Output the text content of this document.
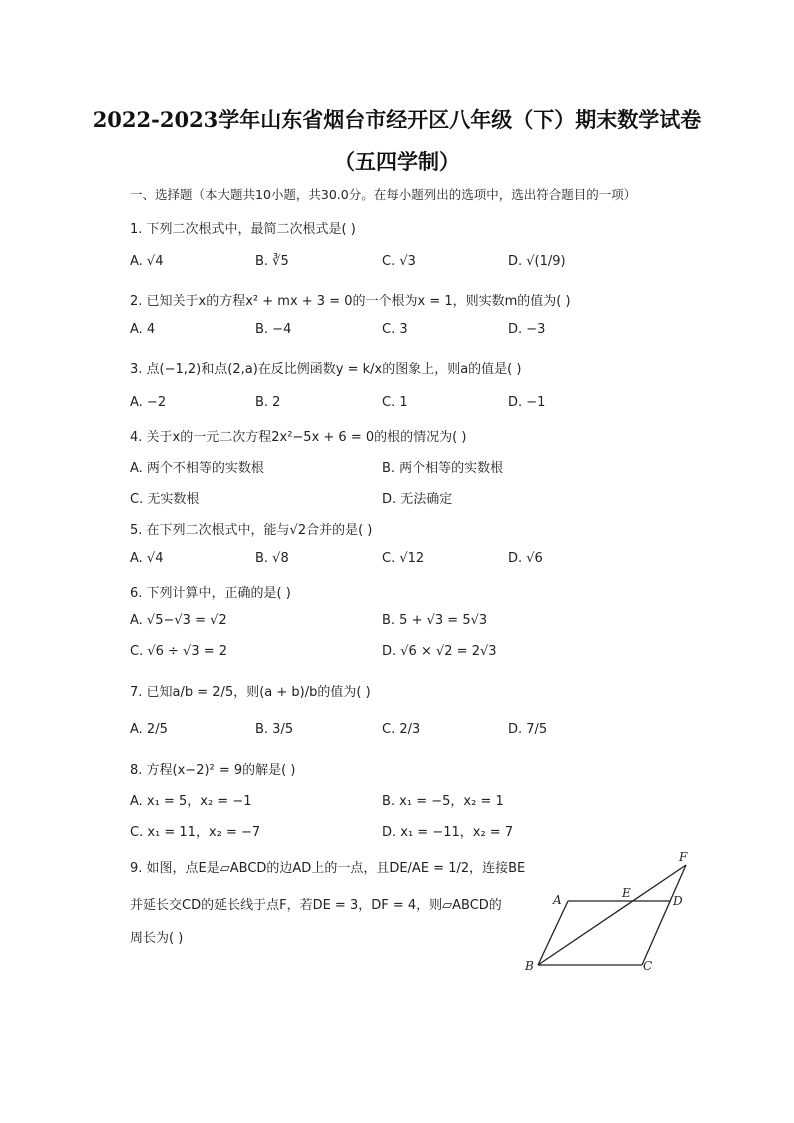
2022-2023学年山东省烟台市经开区八年级（下）期末数学试卷
（五四学制）
一、选择题（本大题共10小题，共30.0分。在每小题列出的选项中，选出符合题目的一项）
1. 下列二次根式中，最简二次根式是( )
A. √4	B. ∛5	C. √3	D. √(1/9)
2. 已知关于x的方程x² + mx + 3 = 0的一个根为x = 1，则实数m的值为( )
A. 4	B. −4	C. 3	D. −3
3. 点(−1,2)和点(2,a)在反比例函数y = k/x的图象上，则a的值是( )
A. −2	B. 2	C. 1	D. −1
4. 关于x的一元二次方程2x²−5x + 6 = 0的根的情况为( )
A. 两个不相等的实数根	B. 两个相等的实数根
C. 无实数根	D. 无法确定
5. 在下列二次根式中，能与√2合并的是( )
A. √4	B. √8	C. √12	D. √6
6. 下列计算中，正确的是( )
A. √5−√3 = √2	B. 5 + √3 = 5√3
C. √6 ÷ √3 = 2	D. √6 × √2 = 2√3
7. 已知a/b = 2/5，则(a + b)/b的值为( )
A. 2/5	B. 3/5	C. 2/3	D. 7/5
8. 方程(x−2)² = 9的解是( )
A. x₁ = 5，x₂ = −1	B. x₁ = −5，x₂ = 1
C. x₁ = 11，x₂ = −7	D. x₁ = −11，x₂ = 7
9. 如图，点E是▱ABCD的边AD上的一点，且DE/AE = 1/2，连接BE
并延长交CD的延长线于点F，若DE = 3，DF = 4，则▱ABCD的
周长为( )
A
B	C
D
E
F
